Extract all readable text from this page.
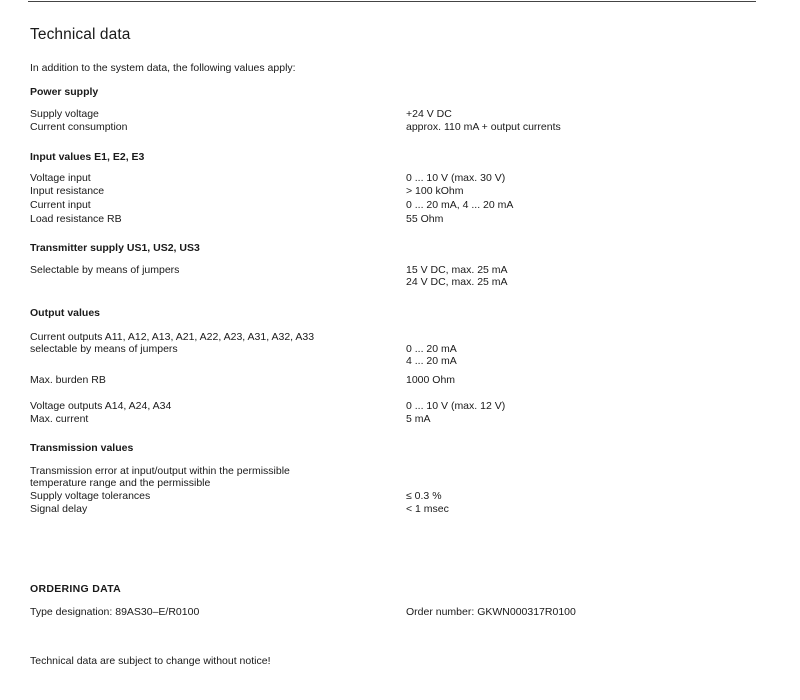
Technical data
In addition to the system data, the following values apply:
Power supply
Supply voltage	+24 V DC
Current consumption	approx. 110 mA + output currents
Input values E1, E2, E3
Voltage input	0 ... 10 V (max. 30 V)
Input resistance	> 100 kOhm
Current input	0 ... 20 mA, 4 ... 20 mA
Load resistance RB	55 Ohm
Transmitter supply US1, US2, US3
Selectable by means of jumpers	15 V DC, max. 25 mA
24 V DC, max. 25 mA
Output values
Current outputs A11, A12, A13, A21, A22, A23, A31, A32, A33
selectable by means of jumpers	0 ... 20 mA
4 ... 20 mA
Max. burden RB	1000 Ohm
Voltage outputs A14, A24, A34	0 ... 10 V (max. 12 V)
Max. current	5 mA
Transmission values
Transmission error at input/output within the permissible
temperature range and the permissible
Supply voltage tolerances	≤ 0.3 %
Signal delay	< 1 msec
ORDERING DATA
Type designation: 89AS30–E/R0100	Order number: GKWN000317R0100
Technical data are subject to change without notice!
